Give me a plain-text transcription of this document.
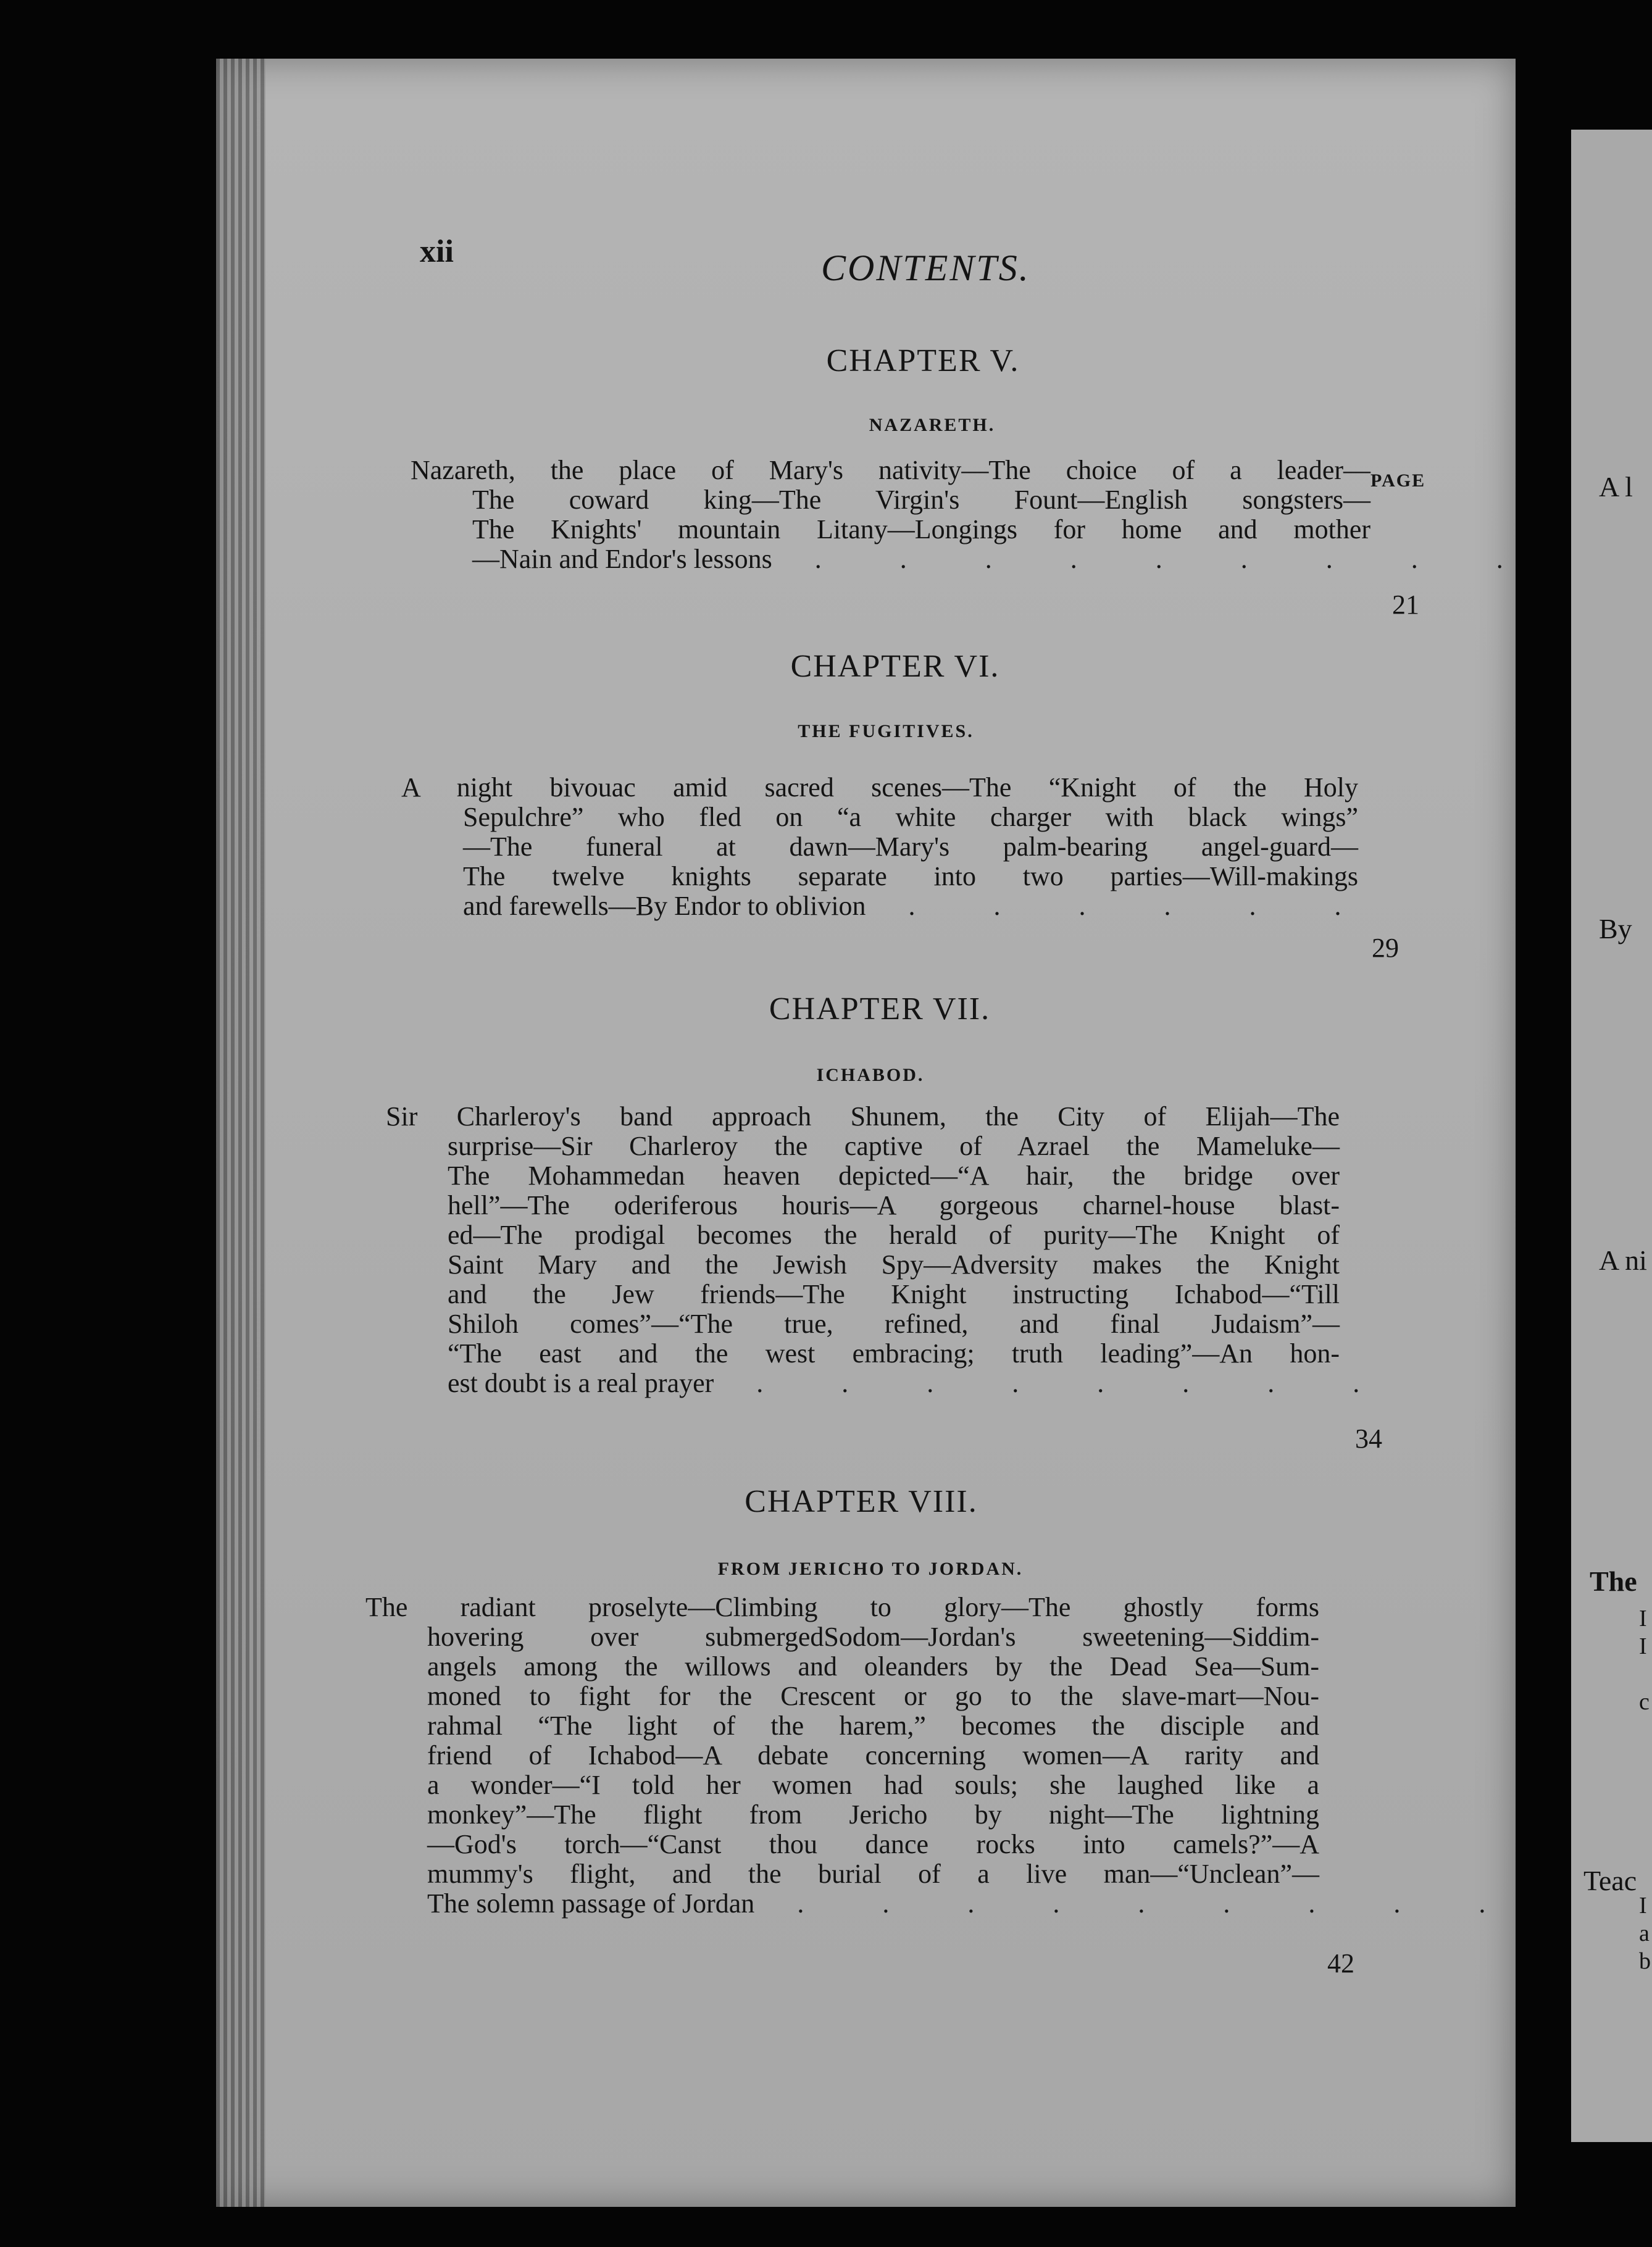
A l
By
A ni
The
Teac
I
I
c
I
a
b
xii	CONTENTS.
PAGE
CHAPTER V.
NAZARETH.
Nazareth, the place of Mary's nativity—The choice of a leader—
The coward king—The Virgin's Fount—English songsters—
The Knights' mountain Litany—Longings for home and mother
—Nain and Endor's lessons . . . . . . . . .
21
CHAPTER VI.
THE FUGITIVES.
A night bivouac amid sacred scenes—The “Knight of the Holy
Sepulchre” who fled on “a white charger with black wings”
—The funeral at dawn—Mary's palm-bearing angel-guard—
The twelve knights separate into two parties—Will-makings
and farewells—By Endor to oblivion . . . . . .
29
CHAPTER VII.
ICHABOD.
Sir Charleroy's band approach Shunem, the City of Elijah—The
surprise—Sir Charleroy the captive of Azrael the Mameluke—
The Mohammedan heaven depicted—“A hair, the bridge over
hell”—The oderiferous houris—A gorgeous charnel-house blast-
ed—The prodigal becomes the herald of purity—The Knight of
Saint Mary and the Jewish Spy—Adversity makes the Knight
and the Jew friends—The Knight instructing Ichabod—“Till
Shiloh comes”—“The true, refined, and final Judaism”—
“The east and the west embracing; truth leading”—An hon-
est doubt is a real prayer . . . . . . . .
34
CHAPTER VIII.
FROM JERICHO TO JORDAN.
The radiant proselyte—Climbing to glory—The ghostly forms
hovering over submergedSodom—Jordan's sweetening—Siddim-
angels among the willows and oleanders by the Dead Sea—Sum-
moned to fight for the Crescent or go to the slave-mart—Nou-
rahmal “The light of the harem,” becomes the disciple and
friend of Ichabod—A debate concerning women—A rarity and
a wonder—“I told her women had souls; she laughed like a
monkey”—The flight from Jericho by night—The lightning
—God's torch—“Canst thou dance rocks into camels?”—A
mummy's flight, and the burial of a live man—“Unclean”—
The solemn passage of Jordan . . . . . . . . .
42
